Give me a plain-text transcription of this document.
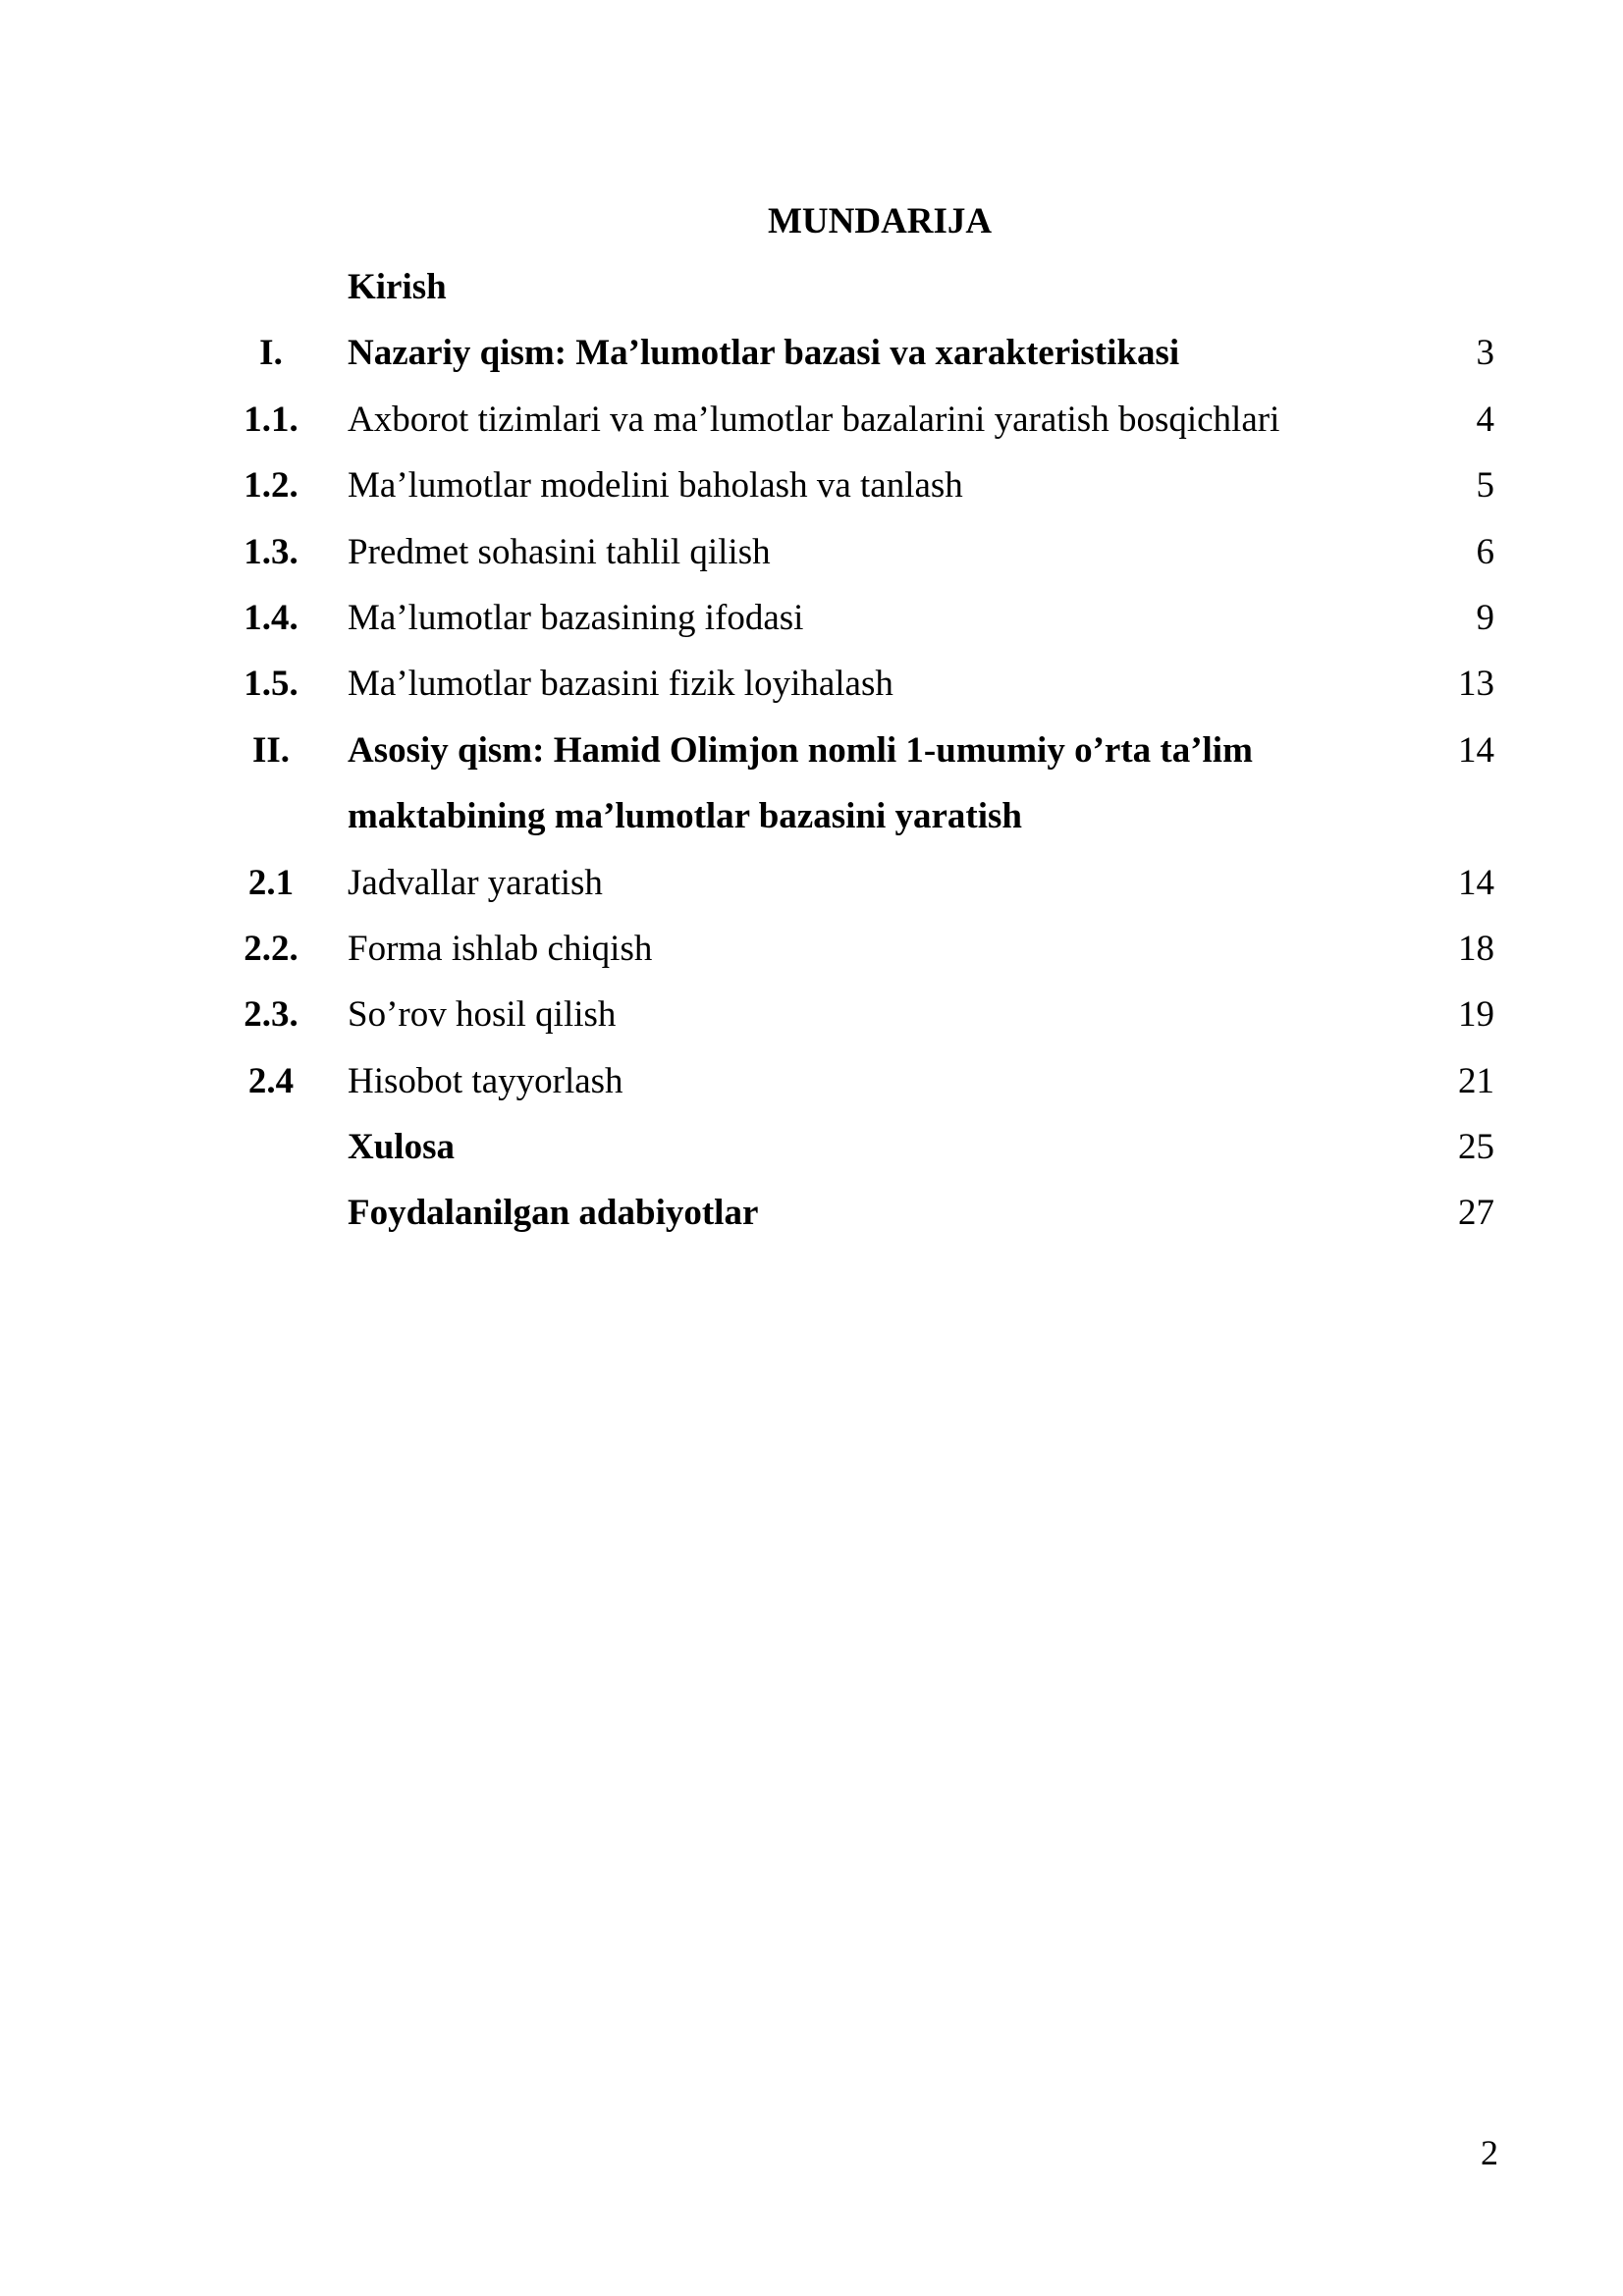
MUNDARIJA
Kirish
I.	Nazariy qism: Ma’lumotlar bazasi va xarakteristikasi	3
1.1. Axborot tizimlari va ma’lumotlar bazalarini yaratish bosqichlari	4
1.2. Ma’lumotlar modelini baholash va tanlash	5
1.3. Predmet sohasini tahlil qilish	6
1.4. Ma’lumotlar bazasining ifodasi	9
1.5. Ma’lumotlar bazasini fizik loyihalash	13
II. Asosiy qism: Hamid Olimjon nomli 1-umumiy o’rta ta’lim	14
maktabining ma’lumotlar bazasini yaratish
2.1 Jadvallar yaratish	14
2.2. Forma ishlab chiqish	18
2.3. So’rov hosil qilish	19
2.4 Hisobot tayyorlash	21
Xulosa	25
Foydalanilgan adabiyotlar	27
2
